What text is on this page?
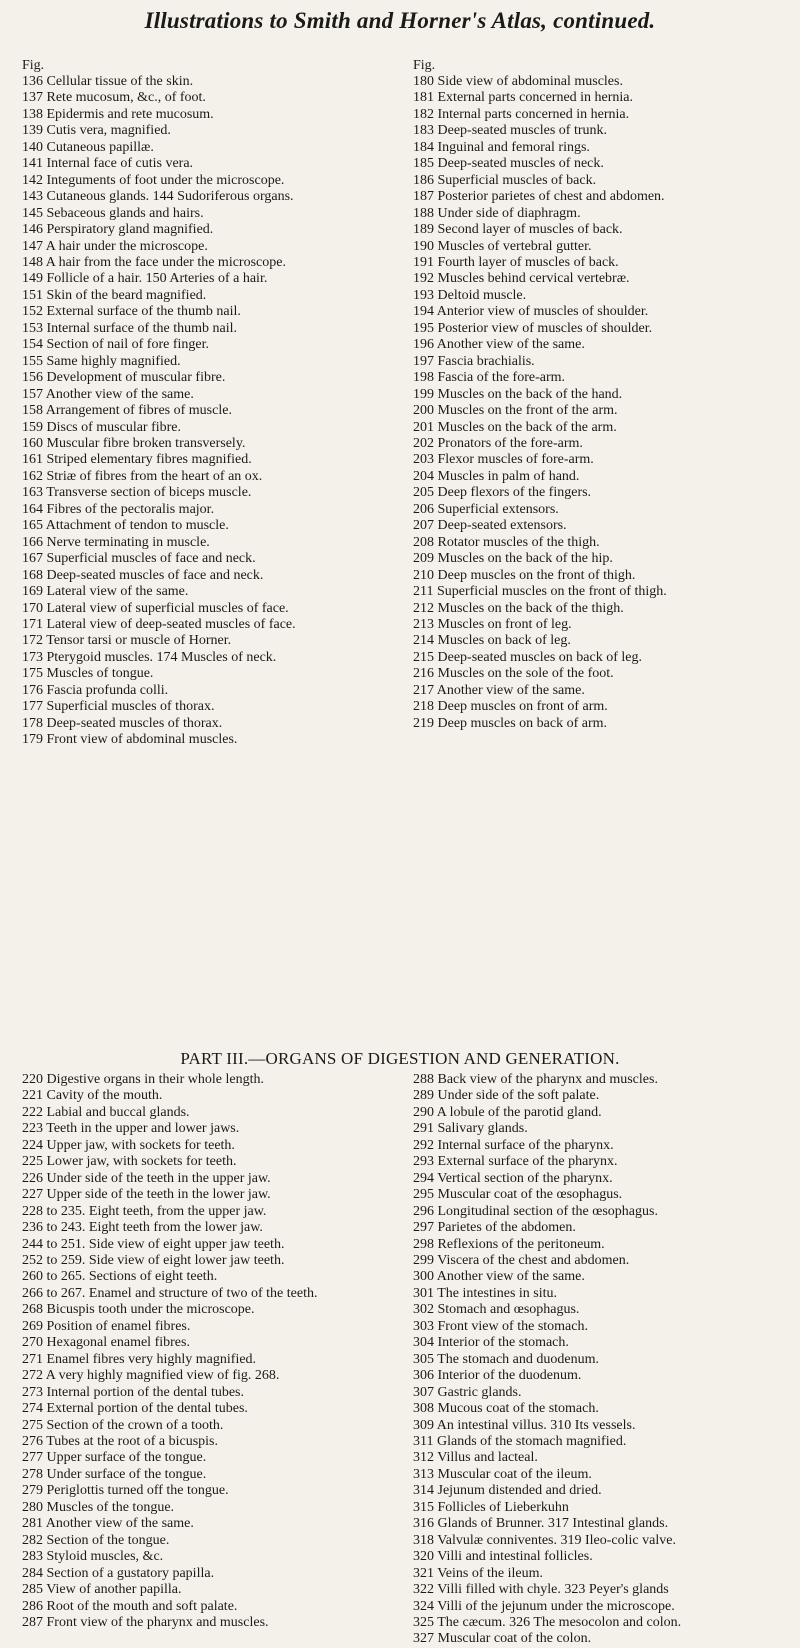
Illustrations to Smith and Horner's Atlas, continued.

Fig.

136 Cellular tissue of the skin.

137 Rete mucosum, &c., of foot.

138 Epidermis and rete mucosum.

139 Cutis vera, magnified.

140 Cutaneous papillæ.

141 Internal face of cutis vera.

142 Integuments of foot under the microscope.

143 Cutaneous glands. 144 Sudoriferous organs.

145 Sebaceous glands and hairs.

146 Perspiratory gland magnified.

147 A hair under the microscope.

148 A hair from the face under the microscope.

149 Follicle of a hair. 150 Arteries of a hair.

151 Skin of the beard magnified.

152 External surface of the thumb nail.

153 Internal surface of the thumb nail.

154 Section of nail of fore finger.

155 Same highly magnified.

156 Development of muscular fibre.

157 Another view of the same.

158 Arrangement of fibres of muscle.

159 Discs of muscular fibre.

160 Muscular fibre broken transversely.

161 Striped elementary fibres magnified.

162 Striæ of fibres from the heart of an ox.

163 Transverse section of biceps muscle.

164 Fibres of the pectoralis major.

165 Attachment of tendon to muscle.

166 Nerve terminating in muscle.

167 Superficial muscles of face and neck.

168 Deep-seated muscles of face and neck.

169 Lateral view of the same.

170 Lateral view of superficial muscles of face.

171 Lateral view of deep-seated muscles of face.

172 Tensor tarsi or muscle of Horner.

173 Pterygoid muscles. 174 Muscles of neck.

175 Muscles of tongue.

176 Fascia profunda colli.

177 Superficial muscles of thorax.

178 Deep-seated muscles of thorax.

179 Front view of abdominal muscles.

Fig.

180 Side view of abdominal muscles.

181 External parts concerned in hernia.

182 Internal parts concerned in hernia.

183 Deep-seated muscles of trunk.

184 Inguinal and femoral rings.

185 Deep-seated muscles of neck.

186 Superficial muscles of back.

187 Posterior parietes of chest and abdomen.

188 Under side of diaphragm.

189 Second layer of muscles of back.

190 Muscles of vertebral gutter.

191 Fourth layer of muscles of back.

192 Muscles behind cervical vertebræ.

193 Deltoid muscle.

194 Anterior view of muscles of shoulder.

195 Posterior view of muscles of shoulder.

196 Another view of the same.

197 Fascia brachialis.

198 Fascia of the fore-arm.

199 Muscles on the back of the hand.

200 Muscles on the front of the arm.

201 Muscles on the back of the arm.

202 Pronators of the fore-arm.

203 Flexor muscles of fore-arm.

204 Muscles in palm of hand.

205 Deep flexors of the fingers.

206 Superficial extensors.

207 Deep-seated extensors.

208 Rotator muscles of the thigh.

209 Muscles on the back of the hip.

210 Deep muscles on the front of thigh.

211 Superficial muscles on the front of thigh.

212 Muscles on the back of the thigh.

213 Muscles on front of leg.

214 Muscles on back of leg.

215 Deep-seated muscles on back of leg.

216 Muscles on the sole of the foot.

217 Another view of the same.

218 Deep muscles on front of arm.

219 Deep muscles on back of arm.

PART III.—ORGANS OF DIGESTION AND GENERATION.

220 Digestive organs in their whole length.

221 Cavity of the mouth.

222 Labial and buccal glands.

223 Teeth in the upper and lower jaws.

224 Upper jaw, with sockets for teeth.

225 Lower jaw, with sockets for teeth.

226 Under side of the teeth in the upper jaw.

227 Upper side of the teeth in the lower jaw.

228 to 235. Eight teeth, from the upper jaw.

236 to 243. Eight teeth from the lower jaw.

244 to 251. Side view of eight upper jaw teeth.

252 to 259. Side view of eight lower jaw teeth.

260 to 265. Sections of eight teeth.

266 to 267. Enamel and structure of two of the teeth.

268 Bicuspis tooth under the microscope.

269 Position of enamel fibres.

270 Hexagonal enamel fibres.

271 Enamel fibres very highly magnified.

272 A very highly magnified view of fig. 268.

273 Internal portion of the dental tubes.

274 External portion of the dental tubes.

275 Section of the crown of a tooth.

276 Tubes at the root of a bicuspis.

277 Upper surface of the tongue.

278 Under surface of the tongue.

279 Periglottis turned off the tongue.

280 Muscles of the tongue.

281 Another view of the same.

282 Section of the tongue.

283 Styloid muscles, &c.

284 Section of a gustatory papilla.

285 View of another papilla.

286 Root of the mouth and soft palate.

287 Front view of the pharynx and muscles.

288 Back view of the pharynx and muscles.

289 Under side of the soft palate.

290 A lobule of the parotid gland.

291 Salivary glands.

292 Internal surface of the pharynx.

293 External surface of the pharynx.

294 Vertical section of the pharynx.

295 Muscular coat of the œsophagus.

296 Longitudinal section of the œsophagus.

297 Parietes of the abdomen.

298 Reflexions of the peritoneum.

299 Viscera of the chest and abdomen.

300 Another view of the same.

301 The intestines in situ.

302 Stomach and œsophagus.

303 Front view of the stomach.

304 Interior of the stomach.

305 The stomach and duodenum.

306 Interior of the duodenum.

307 Gastric glands.

308 Mucous coat of the stomach.

309 An intestinal villus. 310 Its vessels.

311 Glands of the stomach magnified.

312 Villus and lacteal.

313 Muscular coat of the ileum.

314 Jejunum distended and dried.

315 Follicles of Lieberkuhn

316 Glands of Brunner. 317 Intestinal glands.

318 Valvulæ conniventes. 319 Ileo-colic valve.

320 Villi and intestinal follicles.

321 Veins of the ileum.

322 Villi filled with chyle. 323 Peyer's glands

324 Villi of the jejunum under the microscope.

325 The cæcum. 326 The mesocolon and colon.

327 Muscular coat of the colon.
